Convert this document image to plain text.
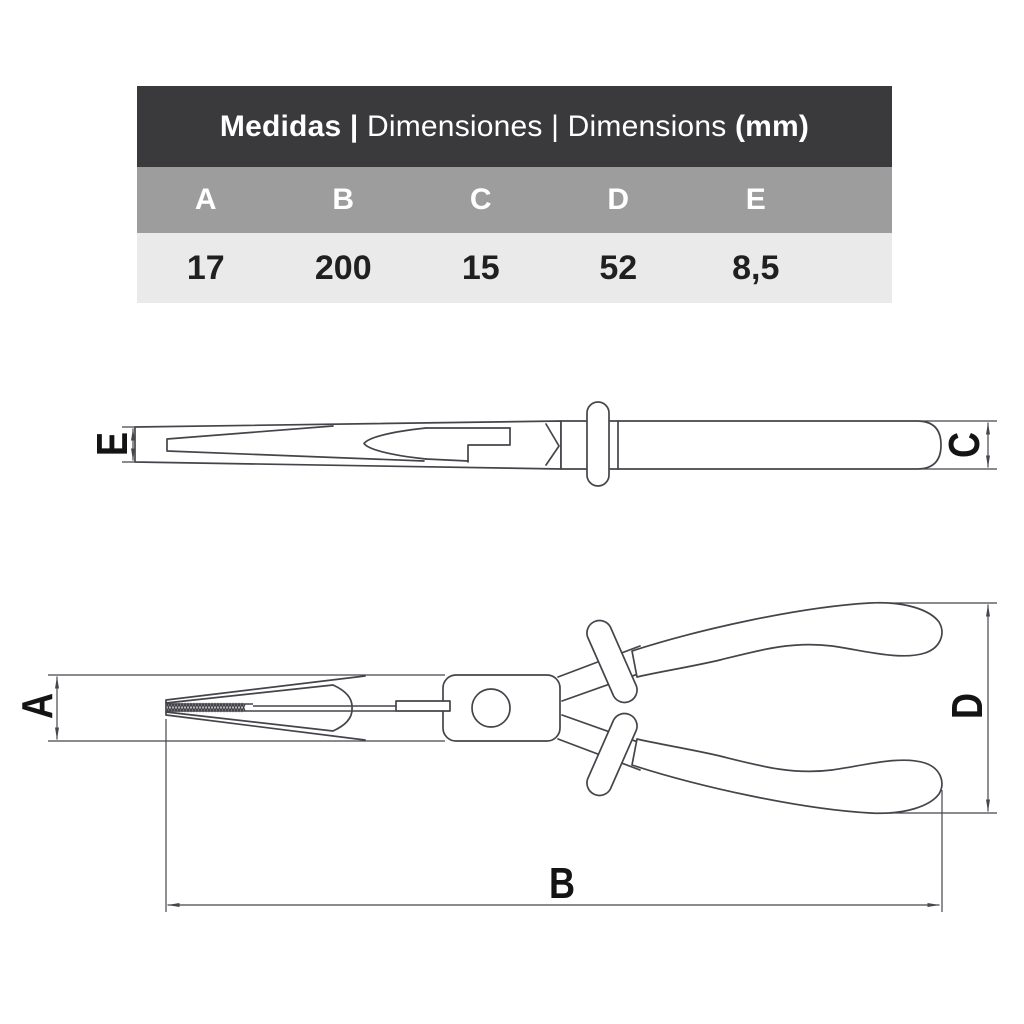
Medidas | Dimensiones | Dimensions (mm)
A	B	C	D	E
17	200	15	52	8,5
E	C
A	D
B
